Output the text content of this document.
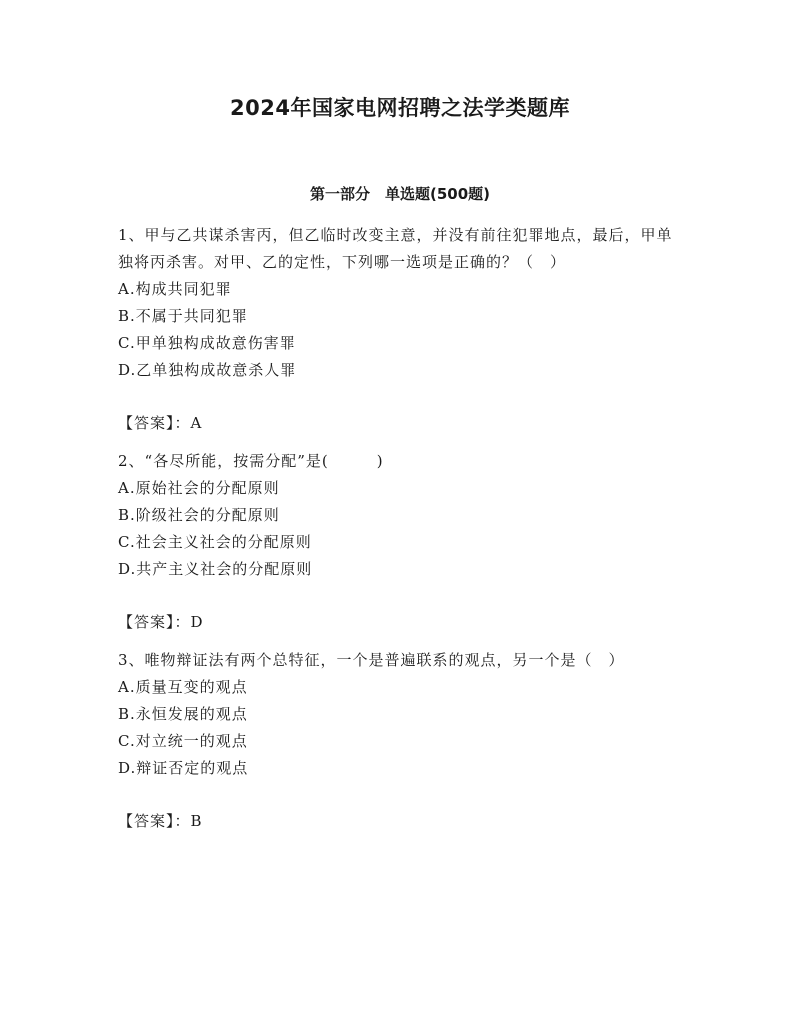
2024年国家电网招聘之法学类题库
第一部分　单选题(500题)

1、甲与乙共谋杀害丙，但乙临时改变主意，并没有前往犯罪地点，最后，甲单独将丙杀害。对甲、乙的定性，下列哪一选项是正确的？（　）

A.构成共同犯罪

B.不属于共同犯罪

C.甲单独构成故意伤害罪

D.乙单独构成故意杀人罪

【答案】：A

2、“各尽所能，按需分配”是(　　　)

A.原始社会的分配原则

B.阶级社会的分配原则

C.社会主义社会的分配原则

D.共产主义社会的分配原则

【答案】：D

3、唯物辩证法有两个总特征，一个是普遍联系的观点，另一个是（　）

A.质量互变的观点

B.永恒发展的观点

C.对立统一的观点

D.辩证否定的观点

【答案】：B
